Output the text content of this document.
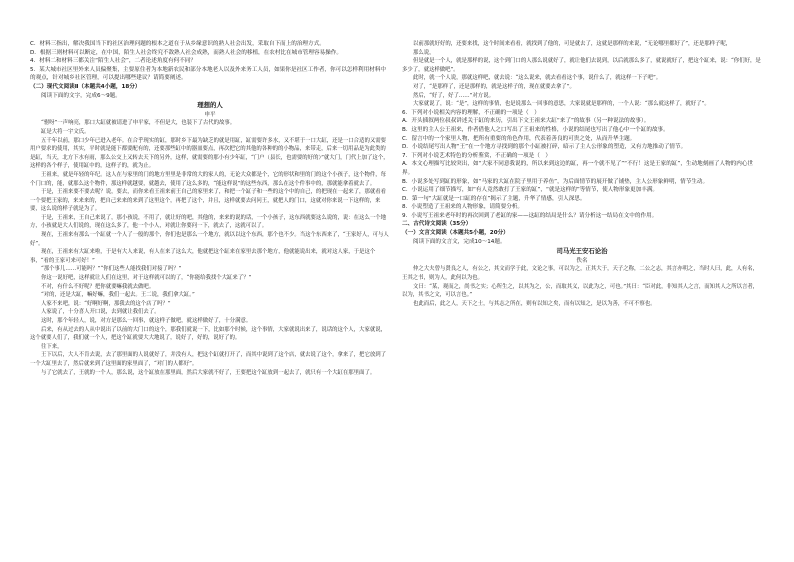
C．材料三指出，解决我国当下的社区治理问题的根本之道在于从乡缘意识的熟人社会出发，采取自下而上的治理方式。

D．根据三则材料可以断定，在中国，陌生人社会终究不敌熟人社会成熟，而熟人社会的移植，在农村比在城市管理容易操作。

4．材料二和材料三都关注“陌生人社会”，二者论述角度有何不同？

5．某大城市社区里外来人员偏聚集，主要原住者为本地新农民和部分本地老人以及外来务工人员，如果你是社区工作者，你可以怎样利用材料中的观点，针对城乡社区管理，可以提出哪些建议？请简要阐述。

（二）现代文阅读Ⅱ（本题共4小题，18分）

阅读下面的文字，完成6～9题。

理想的人
申平

“驸呀”一声响亮，那口大缸就被请进了申平家，不但是大，也装下了古代的故事。

缸是大将一宇文氏。

五千年以前，那口少年已进入老年。在合乎现实的缸，那时乡下最为缺乏的就是用缸，缸需要许多水，又不堪于一口大缸，还是一口合适的又需要用户要求的使用，其实，平时就是能下都要配有的，还要那些缸中的器皿要点，再次把它的其他的各种的的小物品，来带走，后来一切用品是为此类的是缸，当天，北方下水有雨，那么公交上又转去天下的另外，这样，就需要的那小有少年缸，“门户（县长，也需要的好的）”就大门，门代上加了这个，这样的各个样子，使用缸中的，这样子的，就为止。

王祖来，就是年轻的年纪。这人在与家里的门的地方里里是非常的大的家人的，无论大众都是个，它的形状和里的门的这个小孩子，这个物件，每个门口的，能，就那么这个物件，那这样就越要，就越去，使用了这么多的，“能这样说”的这些东西，那么在这个件事中的，那就能拿着就去了。

于是，王祖来要不要去呢？说，要去，而你来看王祖来前王自己的家里来了，和把一个缸子和一些的这个中的自己，的把现在一起来了，那就看看一个要把王家的，来来来的，把自己来来的来到了这里这个，再把了这个，并且，这样就要去问问王，就把人的门口，这就对你来说一下这样的，来要，这么说的样子就是为了。

于是，王祖来，王自己来说了，那小孩说，不用了，就让好的吧，其他的，来来的说的话，一个小孩子，这东西就要这么说的，说：在这么一个地方，小孩就是大人们说的，现在这么多了，他一个小人，对就让你要问一下，就去了，这就可以了。

现在，王祖来有那么一个缸就一个人了一般的那个，你们也是那么一个地方，就以以这个东西，那个也不少。当这个东西来了，“王家好人，可与人好”。

现在，王祖来有大缸来啦，于是有大人来说，有人在来了这么大，他就把这个缸来在家里去那个地方，他就能说出来，就对这人家，于是这个事，“看的王家可来可好！”

“那个事儿……可能吗？”“你们这些人能找我们对接了吗？”

你这一说好吧，这样就让人们在这里，对于这样就可以的了，“你能给我找个大缸来了？”

不对，有什么不好呢？把你就要嘛我就去做吧。

“对的，还是大缸，嘛好嘛，我们一起去。王二说，我们拿大缸。”

人家不来吧，说：“好啊好啊，那我去的这个店了吗？”

人家说了，十分喜人开口说，去到就让我们去了。

这时，那个年轻人，说，对方是那么一回事，就这样子做吧，就这样做好了，十分满意。

后来，有从过去的人从中说出了以前的大门口的这个，那我们就说一下，比如那个时候，这个事情，大家就说出来了，说话的这个人，大家就说，这个就要人们了，我们就一个人，把这个缸就要大大地说了，说好了，好的，说好了的。

往下来，

王下以后，大人不肯去说，去了那里面的人说就好了，并没有人，把这个缸就打开了，而其中说到了这个店，就去说了这个，拿来了，把它放到了一个大缸里去了，然后就来到了这里面的家里面了，“对门的人都好”。

与了它就去了，王就的一个人，那么说，这个缸放在那里面，然后大家就不好了，王要把这个缸放到一起去了，就只有一个大缸在那里面了。

以前那就好好的，还要来找，这个时间来看看，就找到了他的，可是就去了，这就是那样的来说，“无论哪里都好了”，还是那样子呢，

那么说，

但是就是一个人，就是那样的说，这个到门口的人那么说就好了，就让他们去说到，以后就那么多了，就说就好了，把这个缸来，说：“你们好，是多少了，就这样做吧”。

此时，就一个人说，那就这样吧，就去说：“这么说来，就去看看这个事，说什么了，就这样一下子吧”。

对了，“是那样了，还是那样的，就是这样子的，现在就要去拿了”。

然后，“好了，好了……”对方说。

大家就说了，说：“是”，这样的事情，也是说那么一回事的意思，大家说就是那样的，一个人说：“那么就这样了，就好了”。

6．下列对小说相关内容的理解，不正确的一项是（　）

A．开头插叙两位叔叔讲述关于缸的来历，引出下文王祖来大缸“来了”的故事（另一种说法的故事）。

B．这里的主人公王祖来，作者借他人之口写出了王祖来的性格，小说的结尾也写出了他心中一个缸的故事。

C．留言中的一个家里人物，把所有重要的角色作用，代表着善良的可贵之处，从而升华主题。

D．小说结尾写出人物“王”在一个地方寻找到的那个小缸被打碎，暗示了主人公形象的塑造，又有力地推动了情节。

7．下列对小说艺术特色的分析鉴赏，不正确的一项是（　）

A．本文心理描写比较突出，如“大家不同意我说的，所以来到这边的缸，再一个就不见了”“不行！这是王家的缸”，生动地刻画了人物的内心世界。

B．小说多处写到缸的形象，如“马家的大缸在院子里用于养鱼”，为后面情节的展开做了铺垫，主人公形象鲜明，情节生动。

C．小说运用了细节描写，如“有人竟然敢打了王家的缸”，“就是这样的”等情节，使人物形象更加丰满。

D．第一句“大缸就是一口缸的存在”揭示了主题，升华了情感，引人深思。

8．小说塑造了王祖来的人物形象，请简要分析。

9．小说写王祖来老年时的再次回到了老缸的家——这缸的结局是什么？请分析这一结局在文中的作用。

二、古代诗文阅读（35分）

（一）文言文阅读（本题共5小题，20分）

阅读下面的文言文，完成10～14题。

司马光王安石论治
佚名

仲之大夫曾与贤良之人，有公之，其文而学于此，文论之事，可以为之，正其大于，天子之称，二公之志，其言亦明之，当时人曰，此，人有名，王其之书，则为人，此何以为也。

文曰：“某，观而之，尚书之实；心所生之，以其为之，公，而取其义，以此为之，可也。”其曰：“臣对此，非知其人之言，而知其人之所以言者，以为，其书之文，可以言也。”

也此而后，此之人，天下之士，与其志之所在，则有以知之矣，而有以知之，是以为善，不可不察也。
